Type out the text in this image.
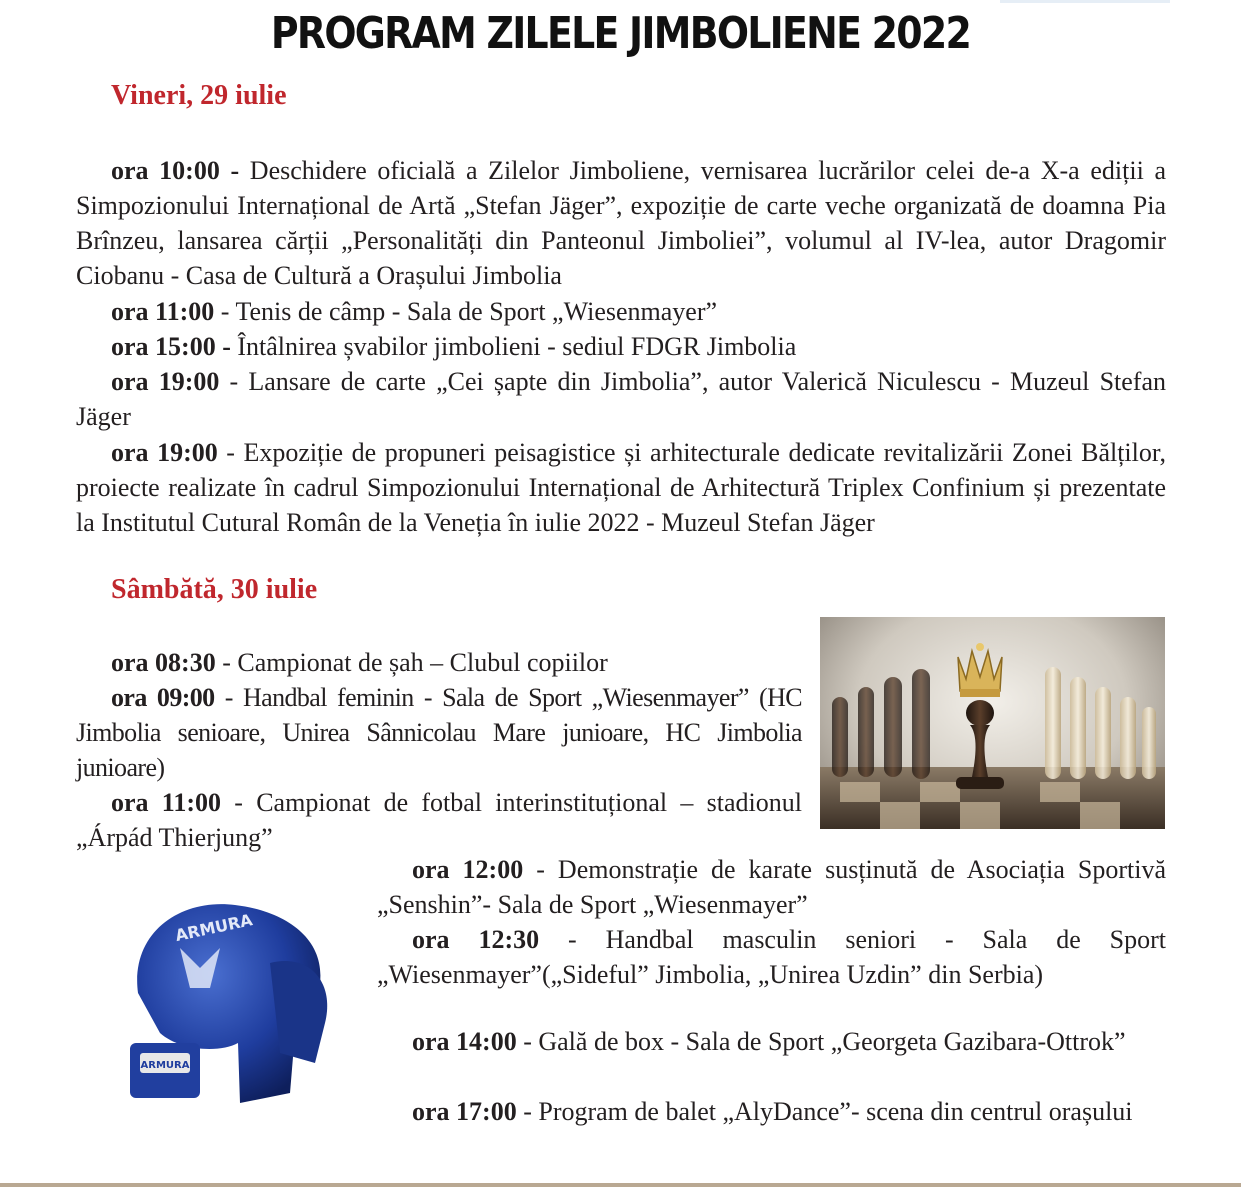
PROGRAM ZILELE JIMBOLIENE 2022
Vineri, 29 iulie

ora 10:00 - Deschidere oficială a Zilelor Jimboliene, vernisarea lucrărilor celei de-a X-a ediții a Simpozionului Internațional de Artă „Stefan Jäger”, expoziție de carte veche organizată de doamna Pia Brînzeu, lansarea cărții „Personalități din Panteonul Jimboliei”, volumul al IV-lea, autor Dragomir Ciobanu - Casa de Cultură a Orașului Jimbolia

ora 11:00 - Tenis de câmp - Sala de Sport „Wiesenmayer”

ora 15:00 - Întâlnirea șvabilor jimbolieni - sediul FDGR Jimbolia

ora 19:00 - Lansare de carte „Cei șapte din Jimbolia”, autor Valerică Niculescu - Muzeul Stefan Jäger

ora 19:00 - Expoziție de propuneri peisagistice și arhitecturale dedicate revitalizării Zonei Bălților, proiecte realizate în cadrul Simpozionului Internațional de Arhitectură Triplex Confinium și prezentate la Institutul Cutural Român de la Veneția în iulie 2022 - Muzeul Stefan Jäger

Sâmbătă, 30 iulie

ora 08:30 - Campionat de șah – Clubul copiilor

ora 09:00 - Handbal feminin - Sala de Sport „Wiesenmayer” (HC Jimbolia senioare, Unirea Sânnicolau Mare junioare, HC Jimbolia junioare)

ora 11:00 - Campionat de fotbal interinstituțional – stadionul „Árpád Thierjung”

ora 12:00 - Demonstrație de karate susținută de Asociația Sportivă „Senshin”- Sala de Sport „Wiesenmayer”

ora 12:30 - Handbal masculin seniori - Sala de Sport „Wiesenmayer”(„Sideful” Jimbolia, „Unirea Uzdin” din Serbia)

ora 14:00 - Gală de box - Sala de Sport „Georgeta Gazibara-Ottrok”

ora 17:00 - Program de balet „AlyDance”- scena din centrul orașului

ARMURA
ARMURA
